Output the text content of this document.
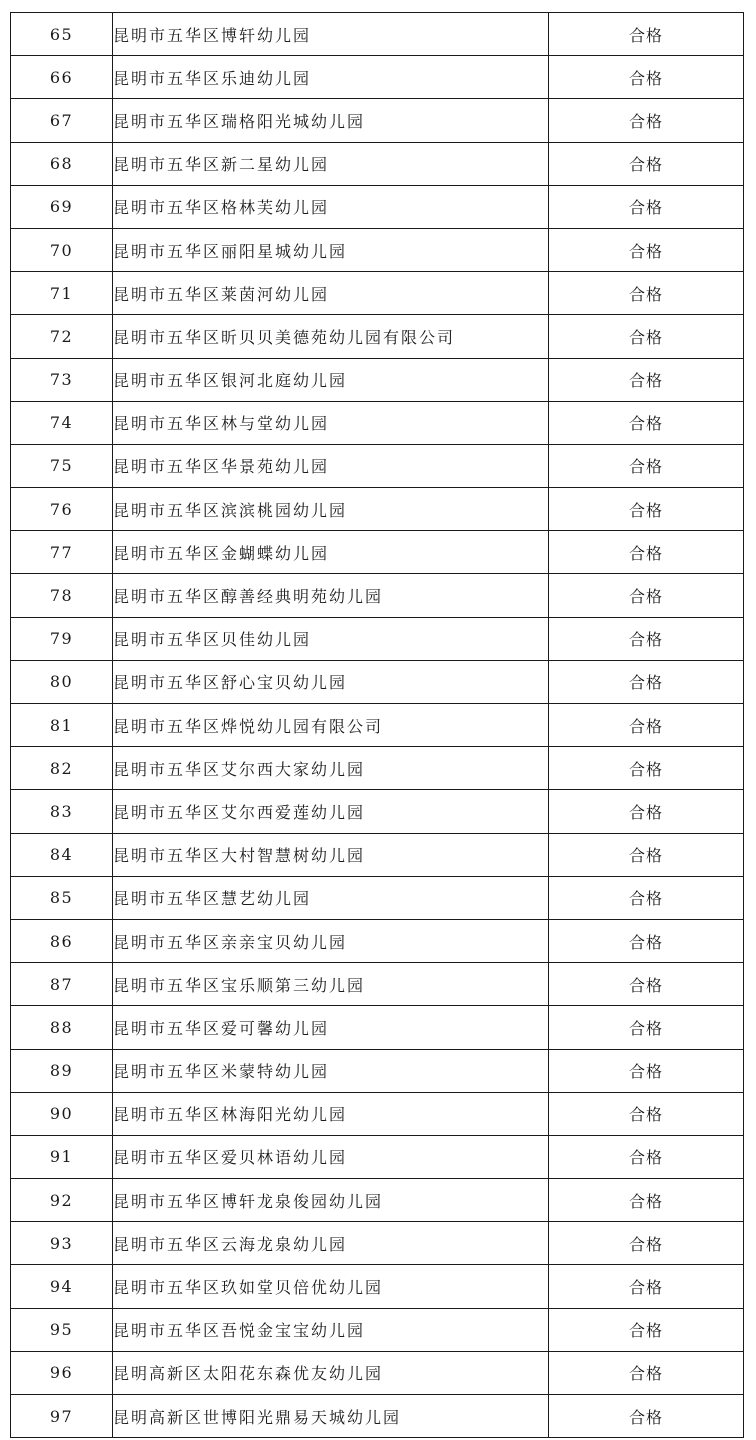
65	昆明市五华区博轩幼儿园	合格
66	昆明市五华区乐迪幼儿园	合格
67	昆明市五华区瑞格阳光城幼儿园	合格
68	昆明市五华区新二星幼儿园	合格
69	昆明市五华区格林芙幼儿园	合格
70	昆明市五华区丽阳星城幼儿园	合格
71	昆明市五华区莱茵河幼儿园	合格
72	昆明市五华区昕贝贝美德苑幼儿园有限公司	合格
73	昆明市五华区银河北庭幼儿园	合格
74	昆明市五华区林与堂幼儿园	合格
75	昆明市五华区华景苑幼儿园	合格
76	昆明市五华区滨滨桃园幼儿园	合格
77	昆明市五华区金蝴蝶幼儿园	合格
78	昆明市五华区醇善经典明苑幼儿园	合格
79	昆明市五华区贝佳幼儿园	合格
80	昆明市五华区舒心宝贝幼儿园	合格
81	昆明市五华区烨悦幼儿园有限公司	合格
82	昆明市五华区艾尔西大家幼儿园	合格
83	昆明市五华区艾尔西爱莲幼儿园	合格
84	昆明市五华区大村智慧树幼儿园	合格
85	昆明市五华区慧艺幼儿园	合格
86	昆明市五华区亲亲宝贝幼儿园	合格
87	昆明市五华区宝乐顺第三幼儿园	合格
88	昆明市五华区爱可馨幼儿园	合格
89	昆明市五华区米蒙特幼儿园	合格
90	昆明市五华区林海阳光幼儿园	合格
91	昆明市五华区爱贝林语幼儿园	合格
92	昆明市五华区博轩龙泉俊园幼儿园	合格
93	昆明市五华区云海龙泉幼儿园	合格
94	昆明市五华区玖如堂贝倍优幼儿园	合格
95	昆明市五华区吾悦金宝宝幼儿园	合格
96	昆明高新区太阳花东森优友幼儿园	合格
97	昆明高新区世博阳光鼎易天城幼儿园	合格
